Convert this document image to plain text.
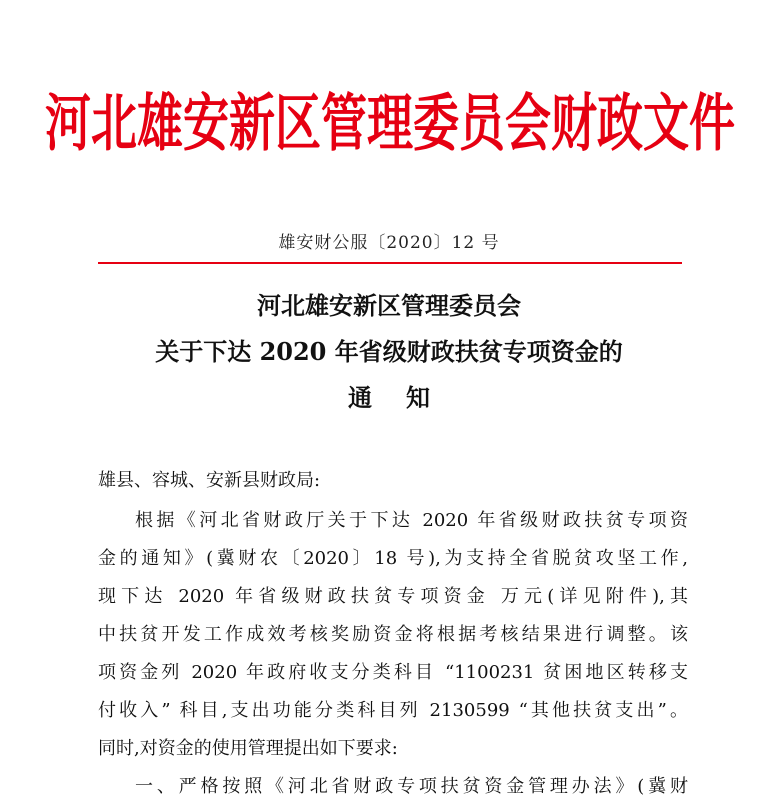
河北雄安新区管理委员会财政文件
雄安财公服〔2020〕12 号
河北雄安新区管理委员会
关于下达 2020 年省级财政扶贫专项资金的
通 知
雄县、容城、安新县财政局:
根据《河北省财政厅关于下达 2020 年省级财政扶贫专项资
金的通知》(冀财农〔2020〕18 号),为支持全省脱贫攻坚工作,
现下达 2020 年省级财政扶贫专项资金 万元(详见附件),其
中扶贫开发工作成效考核奖励资金将根据考核结果进行调整。该
项资金列 2020 年政府收支分类科目 “1100231 贫困地区转移支
付收入” 科目,支出功能分类科目列 2130599 “其他扶贫支出”。
同时,对资金的使用管理提出如下要求:
一、严格按照《河北省财政专项扶贫资金管理办法》(冀财
